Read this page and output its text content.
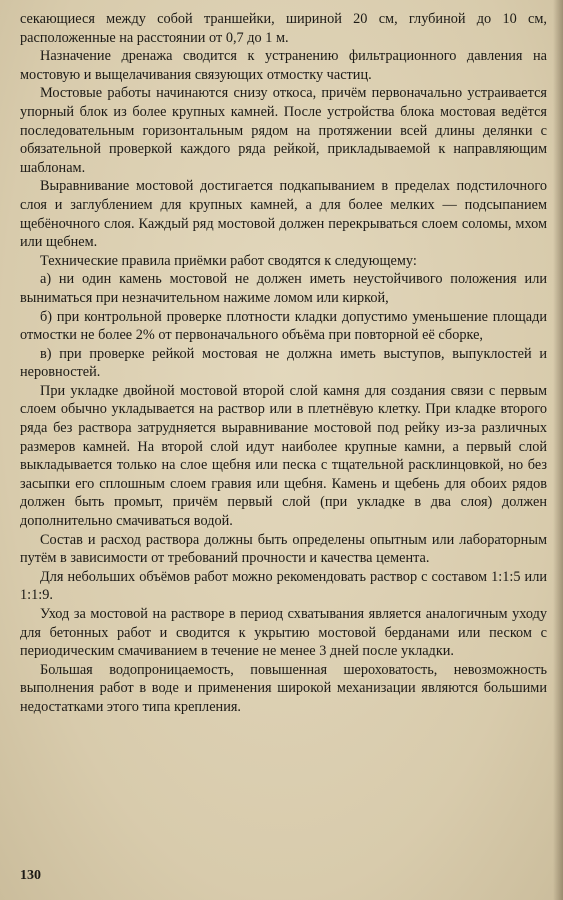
секающиеся между собой траншейки, шириной 20 см, глубиной до 10 см, расположенные на расстоянии от 0,7 до 1 м.

Назначение дренажа сводится к устранению фильтрационного давления на мостовую и выщелачивания связующих отмостку частиц.

Мостовые работы начинаются снизу откоса, причём первоначально устраивается упорный блок из более крупных камней. После устройства блока мостовая ведётся последовательным горизонтальным рядом на протяжении всей длины делянки с обязательной проверкой каждого ряда рейкой, прикладываемой к направляющим шаблонам.

Выравнивание мостовой достигается подкапыванием в пределах подстилочного слоя и заглублением для крупных камней, а для более мелких — подсыпанием щебёночного слоя. Каждый ряд мостовой должен перекрываться слоем соломы, мхом или щебнем.

Технические правила приёмки работ сводятся к следующему:

а) ни один камень мостовой не должен иметь неустойчивого положения или выниматься при незначительном нажиме ломом или киркой,

б) при контрольной проверке плотности кладки допустимо уменьшение площади отмостки не более 2% от первоначального объёма при повторной её сборке,

в) при проверке рейкой мостовая не должна иметь выступов, выпуклостей и неровностей.

При укладке двойной мостовой второй слой камня для создания связи с первым слоем обычно укладывается на раствор или в плетнёвую клетку. При кладке второго ряда без раствора затрудняется выравнивание мостовой под рейку из-за различных размеров камней. На второй слой идут наиболее крупные камни, а первый слой выкладывается только на слое щебня или песка с тщательной расклинцовкой, но без засыпки его сплошным слоем гравия или щебня. Камень и щебень для обоих рядов должен быть промыт, причём первый слой (при укладке в два слоя) должен дополнительно смачиваться водой.

Состав и расход раствора должны быть определены опытным или лабораторным путём в зависимости от требований прочности и качества цемента.

Для небольших объёмов работ можно рекомендовать раствор с составом 1:1:5 или 1:1:9.

Уход за мостовой на растворе в период схватывания является аналогичным уходу для бетонных работ и сводится к укрытию мостовой берданами или песком с периодическим смачиванием в течение не менее 3 дней после укладки.

Большая водопроницаемость, повышенная шероховатость, невозможность выполнения работ в воде и применения широкой механизации являются большими недостатками этого типа крепления.

130
